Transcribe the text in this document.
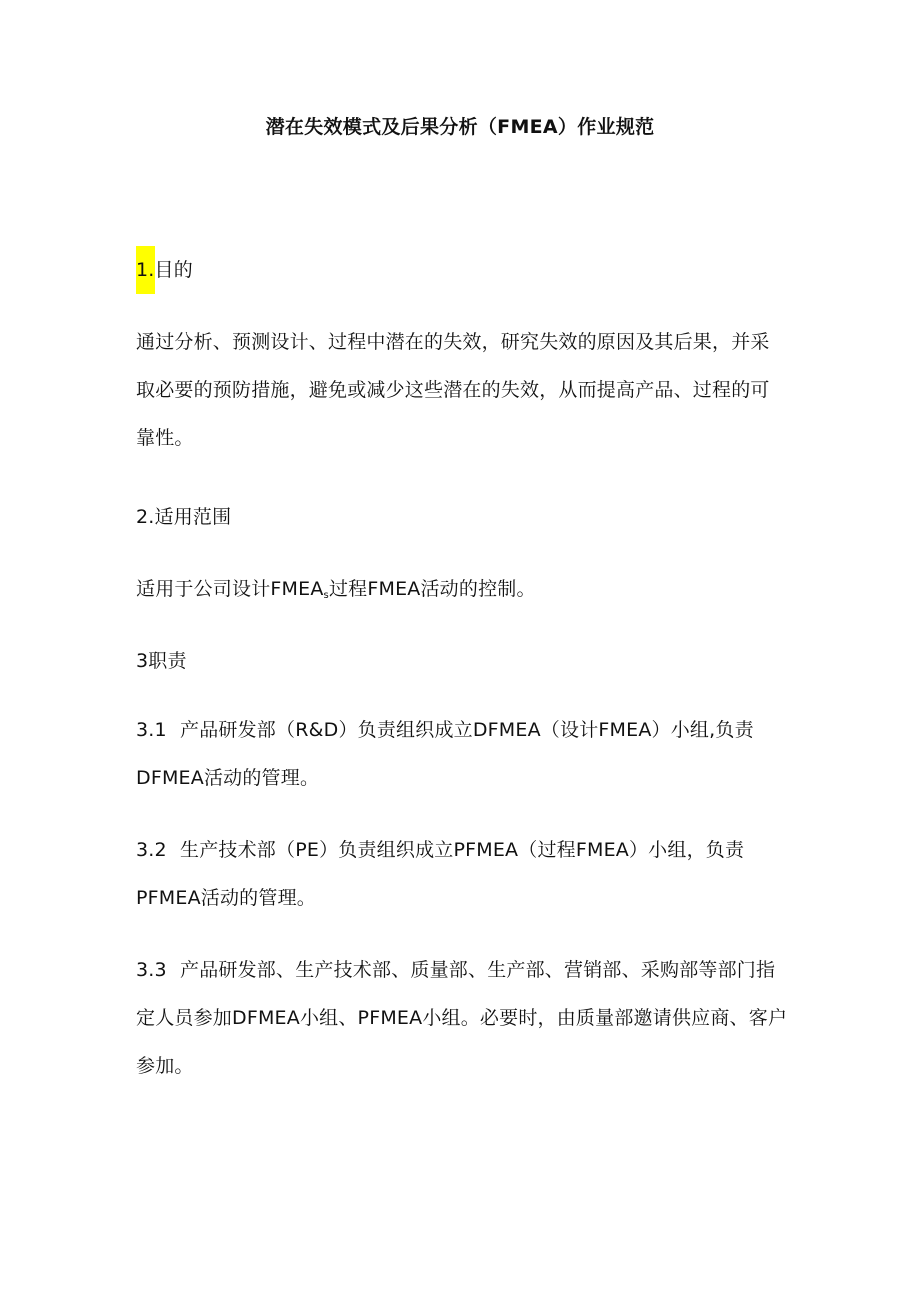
潜在失效模式及后果分析（FMEA）作业规范
1.目的

通过分析、预测设计、过程中潜在的失效，研究失效的原因及其后果，并采取必要的预防措施，避免或减少这些潜在的失效，从而提高产品、过程的可靠性。

2.适用范围
适用于公司设计FMEAs过程FMEA活动的控制。
3职责

3.1 产品研发部（R&D）负责组织成立DFMEA（设计FMEA）小组,负责DFMEA活动的管理。

3.2 生产技术部（PE）负责组织成立PFMEA（过程FMEA）小组，负责PFMEA活动的管理。

3.3 产品研发部、生产技术部、质量部、生产部、营销部、采购部等部门指定人员参加DFMEA小组、PFMEA小组。必要时，由质量部邀请供应商、客户参加。
